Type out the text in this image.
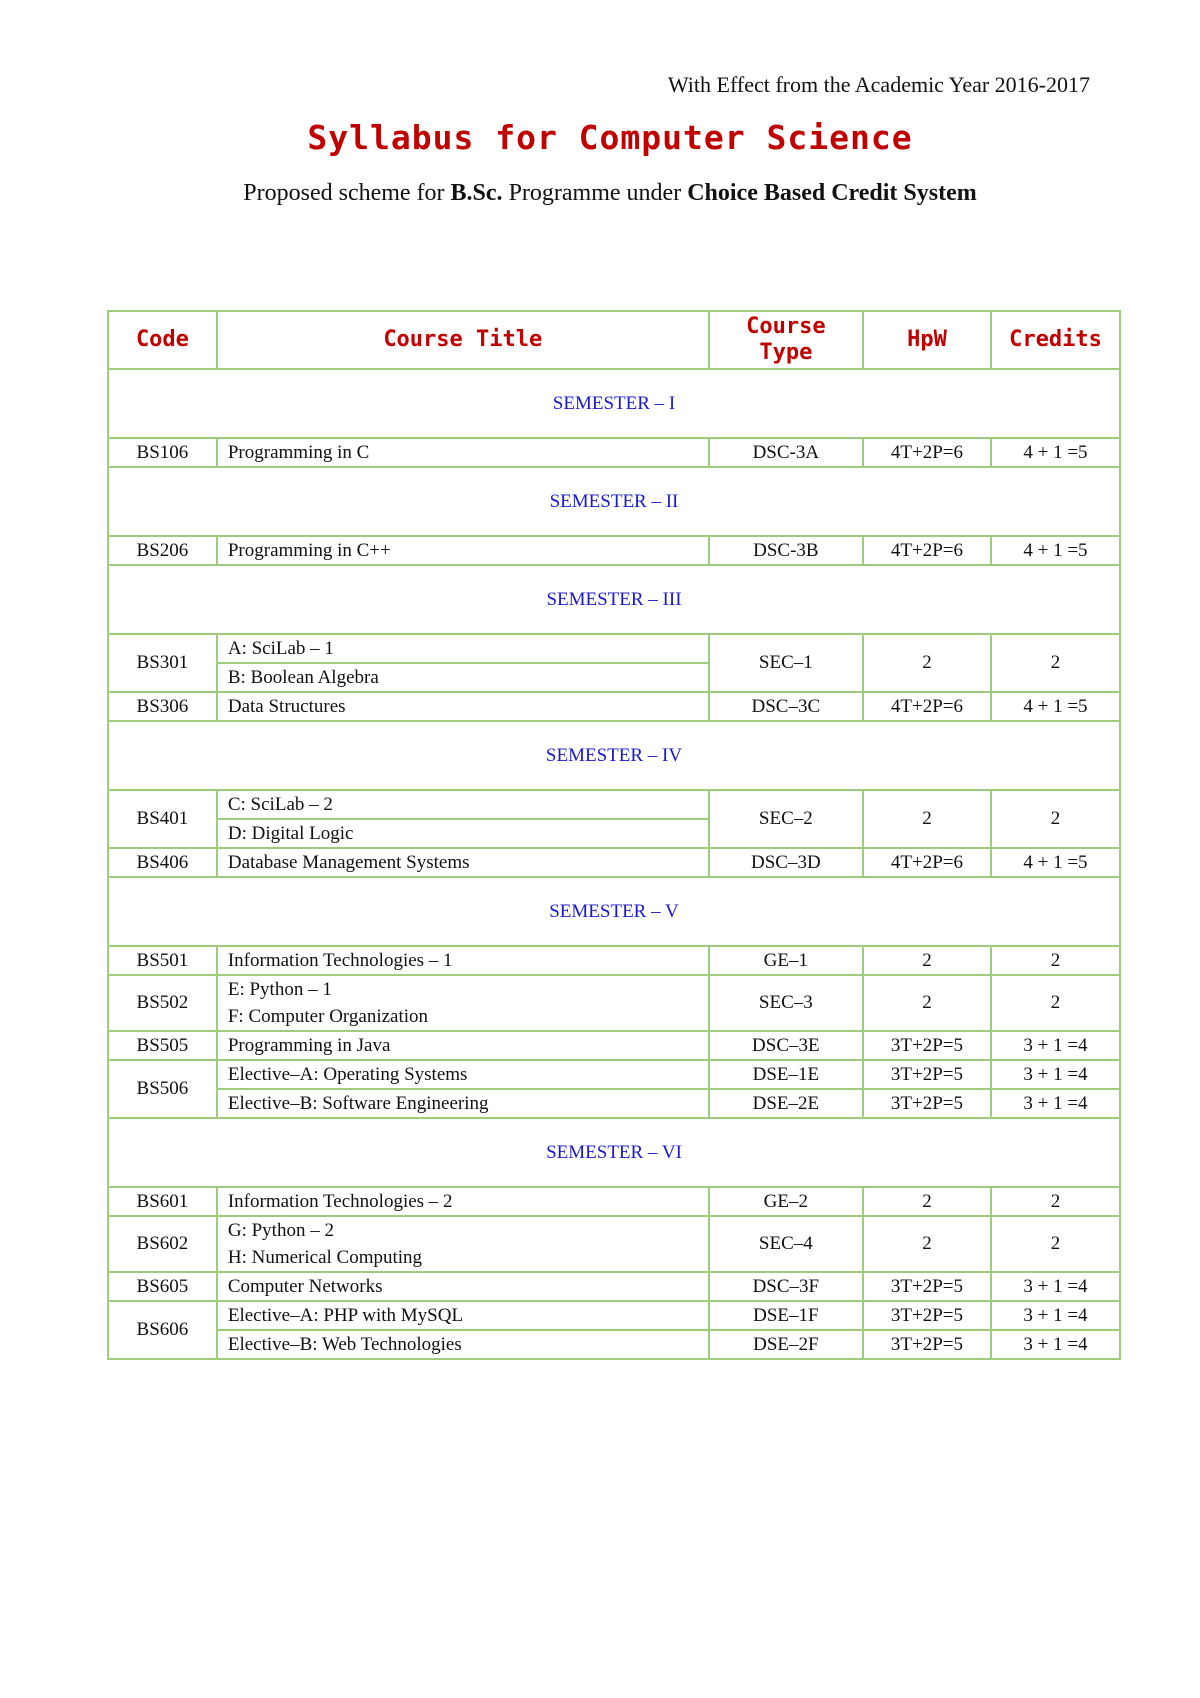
With Effect from the Academic Year 2016-2017
Syllabus for Computer Science
Proposed scheme for B.Sc. Programme under Choice Based Credit System
Code	Course Title	Course Type	HpW	Credits
SEMESTER – I				
BS106	Programming in C	DSC-3A	4T+2P=6	4 + 1 =5
SEMESTER – II				
BS206	Programming in C++	DSC-3B	4T+2P=6	4 + 1 =5
SEMESTER – III				
BS301	A: SciLab – 1	SEC–1	2	2
	B: Boolean Algebra			
BS306	Data Structures	DSC–3C	4T+2P=6	4 + 1 =5
SEMESTER – IV				
BS401	C: SciLab – 2	SEC–2	2	2
	D: Digital Logic			
BS406	Database Management Systems	DSC–3D	4T+2P=6	4 + 1 =5
SEMESTER – V				
BS501	Information Technologies – 1	GE–1	2	2
BS502	E: Python – 1	SEC–3	2	2
	F: Computer Organization			
BS505	Programming in Java	DSC–3E	3T+2P=5	3 + 1 =4
BS506	Elective–A: Operating Systems	DSE–1E	3T+2P=5	3 + 1 =4
	Elective–B: Software Engineering	DSE–2E	3T+2P=5	3 + 1 =4
SEMESTER – VI				
BS601	Information Technologies – 2	GE–2	2	2
BS602	G: Python – 2	SEC–4	2	2
	H: Numerical Computing			
BS605	Computer Networks	DSC–3F	3T+2P=5	3 + 1 =4
BS606	Elective–A: PHP with MySQL	DSE–1F	3T+2P=5	3 + 1 =4
	Elective–B: Web Technologies	DSE–2F	3T+2P=5	3 + 1 =4
